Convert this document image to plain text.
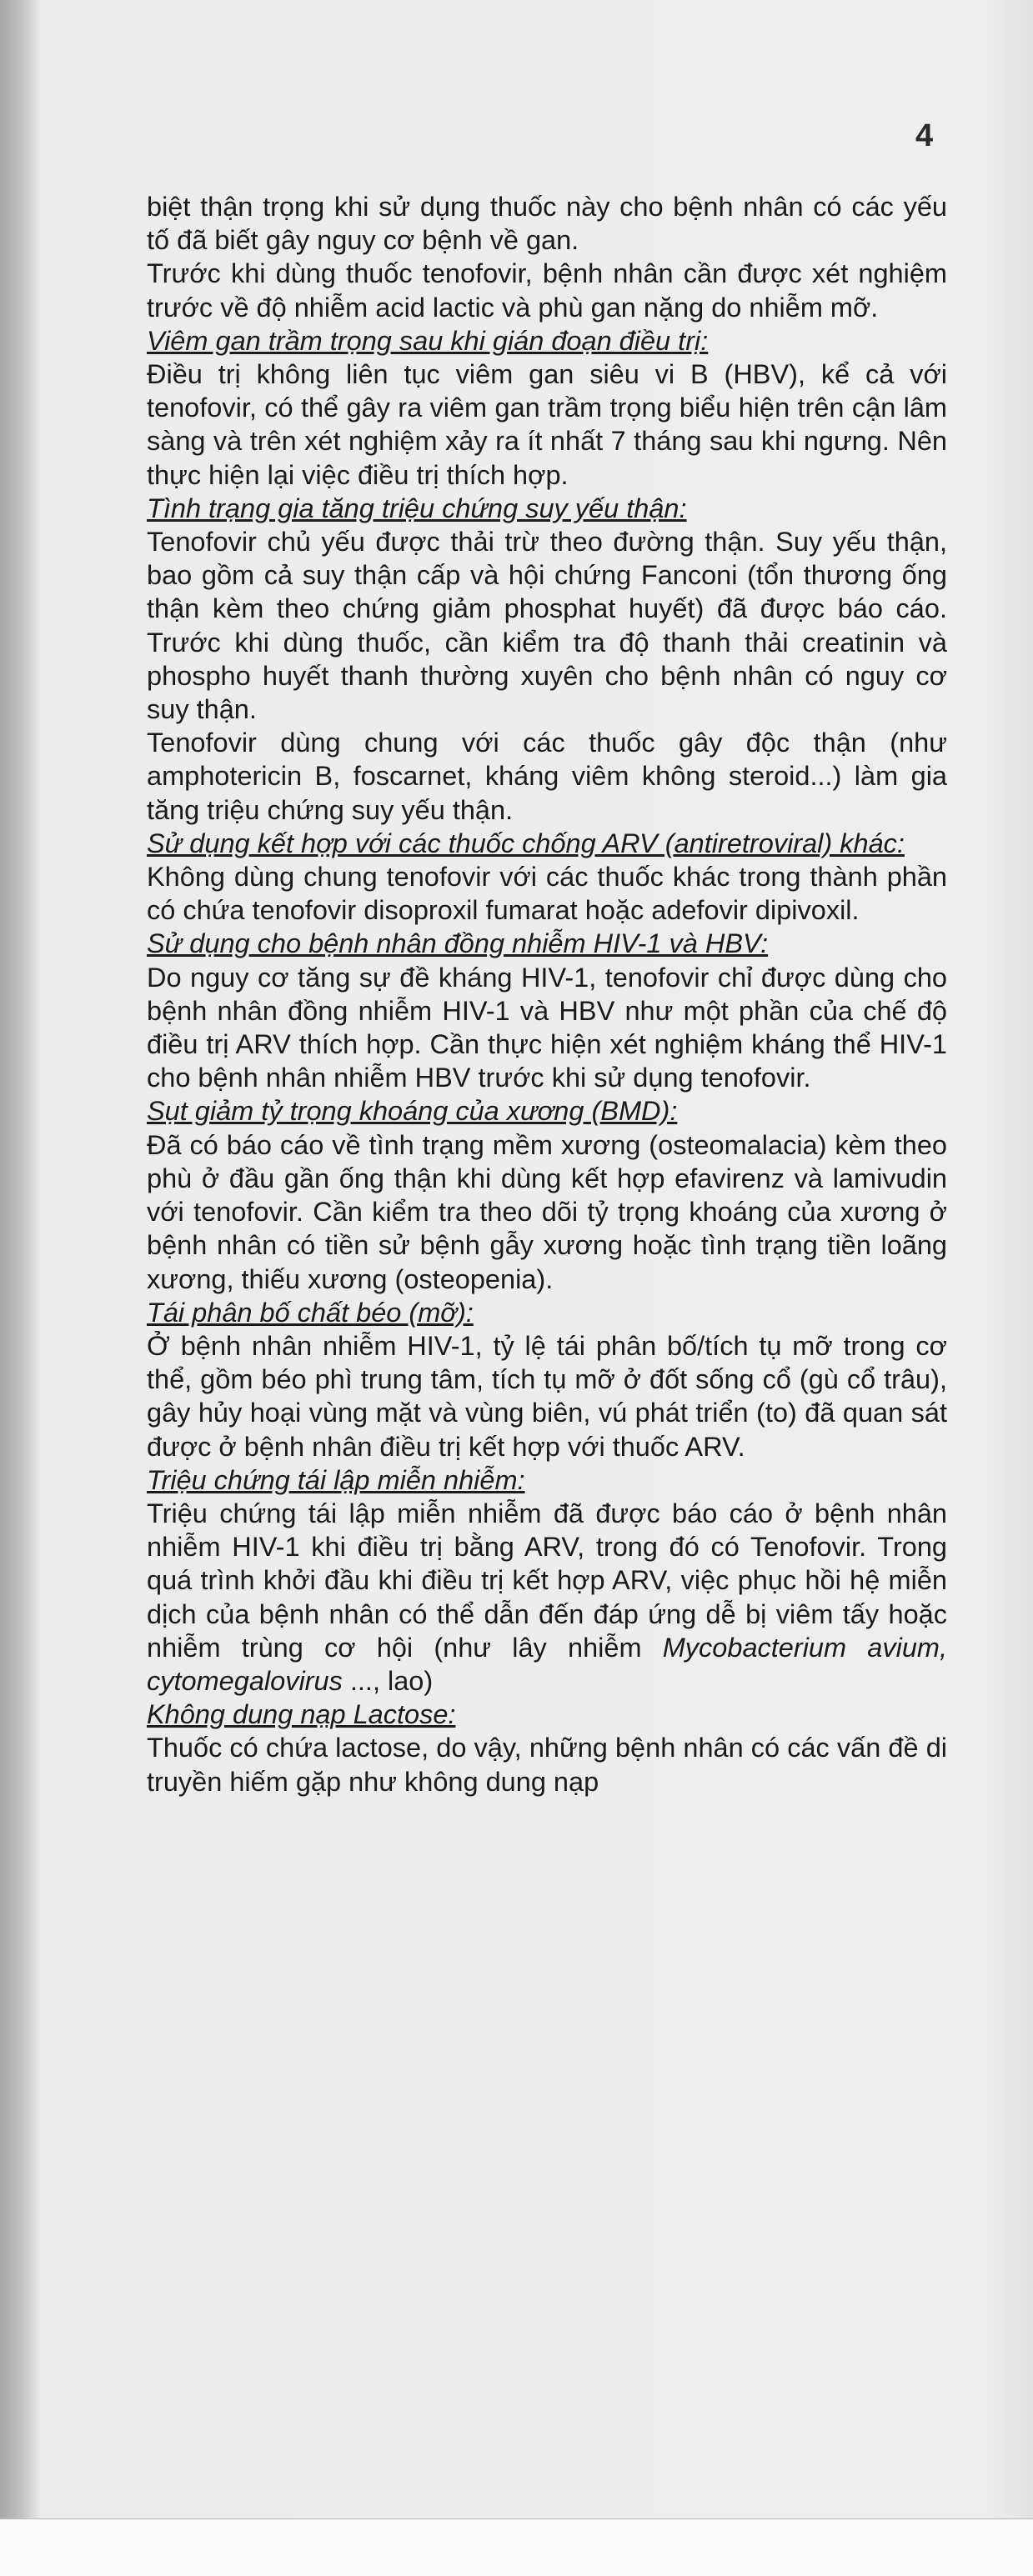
4

biệt thận trọng khi sử dụng thuốc này cho bệnh nhân có các yếu tố đã biết gây nguy cơ bệnh về gan.

Trước khi dùng thuốc tenofovir, bệnh nhân cần được xét nghiệm trước về độ nhiễm acid lactic và phù gan nặng do nhiễm mỡ.

Viêm gan trầm trọng sau khi gián đoạn điều trị:

Điều trị không liên tục viêm gan siêu vi B (HBV), kể cả với tenofovir, có thể gây ra viêm gan trầm trọng biểu hiện trên cận lâm sàng và trên xét nghiệm xảy ra ít nhất 7 tháng sau khi ngưng. Nên thực hiện lại việc điều trị thích hợp.

Tình trạng gia tăng triệu chứng suy yếu thận:

Tenofovir chủ yếu được thải trừ theo đường thận. Suy yếu thận, bao gồm cả suy thận cấp và hội chứng Fanconi (tổn thương ống thận kèm theo chứng giảm phosphat huyết) đã được báo cáo. Trước khi dùng thuốc, cần kiểm tra độ thanh thải creatinin và phospho huyết thanh thường xuyên cho bệnh nhân có nguy cơ suy thận.

Tenofovir dùng chung với các thuốc gây độc thận (như amphotericin B, foscarnet, kháng viêm không steroid...) làm gia tăng triệu chứng suy yếu thận.

Sử dụng kết hợp với các thuốc chống ARV (antiretroviral) khác:

Không dùng chung tenofovir với các thuốc khác trong thành phần có chứa tenofovir disoproxil fumarat hoặc adefovir dipivoxil.

Sử dụng cho bệnh nhân đồng nhiễm HIV-1 và HBV:

Do nguy cơ tăng sự đề kháng HIV-1, tenofovir chỉ được dùng cho bệnh nhân đồng nhiễm HIV-1 và HBV như một phần của chế độ điều trị ARV thích hợp. Cần thực hiện xét nghiệm kháng thể HIV-1 cho bệnh nhân nhiễm HBV trước khi sử dụng tenofovir.

Sụt giảm tỷ trọng khoáng của xương (BMD):

Đã có báo cáo về tình trạng mềm xương (osteomalacia) kèm theo phù ở đầu gần ống thận khi dùng kết hợp efavirenz và lamivudin với tenofovir. Cần kiểm tra theo dõi tỷ trọng khoáng của xương ở bệnh nhân có tiền sử bệnh gẫy xương hoặc tình trạng tiền loãng xương, thiếu xương (osteopenia).

Tái phân bố chất béo (mỡ):

Ở bệnh nhân nhiễm HIV-1, tỷ lệ tái phân bố/tích tụ mỡ trong cơ thể, gồm béo phì trung tâm, tích tụ mỡ ở đốt sống cổ (gù cổ trâu), gây hủy hoại vùng mặt và vùng biên, vú phát triển (to) đã quan sát được ở bệnh nhân điều trị kết hợp với thuốc ARV.

Triệu chứng tái lập miễn nhiễm:

Triệu chứng tái lập miễn nhiễm đã được báo cáo ở bệnh nhân nhiễm HIV-1 khi điều trị bằng ARV, trong đó có Tenofovir. Trong quá trình khởi đầu khi điều trị kết hợp ARV, việc phục hồi hệ miễn dịch của bệnh nhân có thể dẫn đến đáp ứng dễ bị viêm tấy hoặc nhiễm trùng cơ hội (như lây nhiễm Mycobacterium avium, cytomegalovirus ..., lao)

Không dung nạp Lactose:

Thuốc có chứa lactose, do vậy, những bệnh nhân có các vấn đề di truyền hiếm gặp như không dung nạp
